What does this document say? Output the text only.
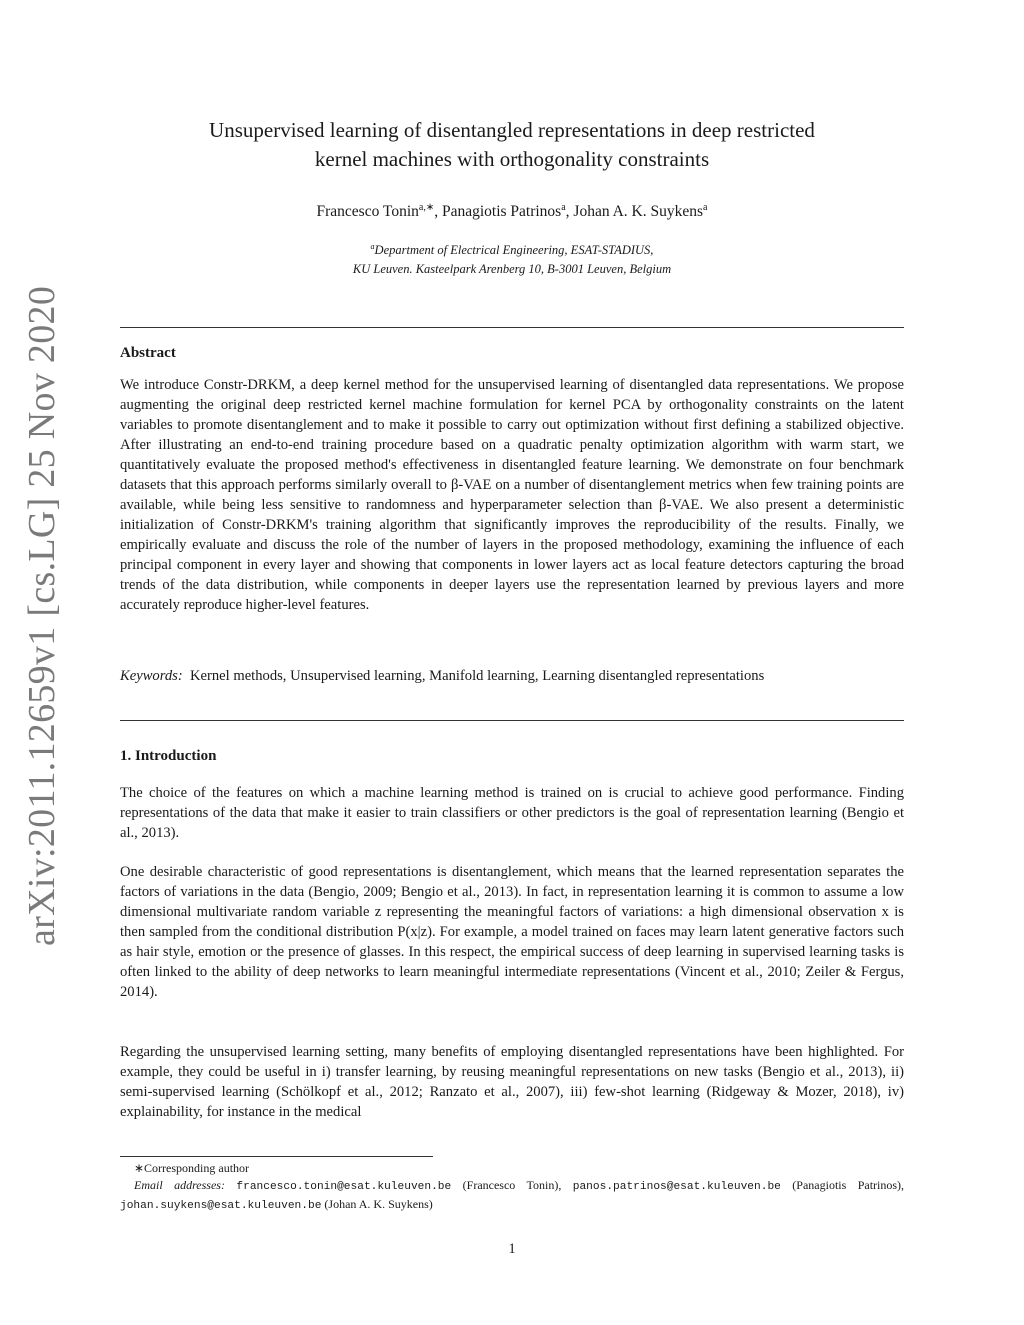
arXiv:2011.12659v1 [cs.LG] 25 Nov 2020
Unsupervised learning of disentangled representations in deep restricted
kernel machines with orthogonality constraints
Francesco Tonin$^{a,∗}$, Panagiotis Patrinos$^a$, Johan A. K. Suykens$^a$
$^a$Department of Electrical Engineering, ESAT-STADIUS,
KU Leuven. Kasteelpark Arenberg 10, B-3001 Leuven, Belgium
Abstract

We introduce Constr-DRKM, a deep kernel method for the unsupervised learning of disentangled data representations. We propose augmenting the original deep restricted kernel machine formulation for kernel PCA by orthogonality constraints on the latent variables to promote disentanglement and to make it possible to carry out optimization without first defining a stabilized objective. After illustrating an end-to-end training procedure based on a quadratic penalty optimization algorithm with warm start, we quantitatively evaluate the proposed method's effectiveness in disentangled feature learning. We demonstrate on four benchmark datasets that this approach performs similarly overall to β-VAE on a number of disentanglement metrics when few training points are available, while being less sensitive to randomness and hyperparameter selection than β-VAE. We also present a deterministic initialization of Constr-DRKM's training algorithm that significantly improves the reproducibility of the results. Finally, we empirically evaluate and discuss the role of the number of layers in the proposed methodology, examining the influence of each principal component in every layer and showing that components in lower layers act as local feature detectors capturing the broad trends of the data distribution, while components in deeper layers use the representation learned by previous layers and more accurately reproduce higher-level features.

Keywords: Kernel methods, Unsupervised learning, Manifold learning, Learning disentangled representations

1. Introduction

The choice of the features on which a machine learning method is trained on is crucial to achieve good performance. Finding representations of the data that make it easier to train classifiers or other predictors is the goal of representation learning (Bengio et al., 2013).

One desirable characteristic of good representations is disentanglement, which means that the learned representation separates the factors of variations in the data (Bengio, 2009; Bengio et al., 2013). In fact, in representation learning it is common to assume a low dimensional multivariate random variable z representing the meaningful factors of variations: a high dimensional observation x is then sampled from the conditional distribution P(x|z). For example, a model trained on faces may learn latent generative factors such as hair style, emotion or the presence of glasses. In this respect, the empirical success of deep learning in supervised learning tasks is often linked to the ability of deep networks to learn meaningful intermediate representations (Vincent et al., 2010; Zeiler & Fergus, 2014).

Regarding the unsupervised learning setting, many benefits of employing disentangled representations have been highlighted. For example, they could be useful in i) transfer learning, by reusing meaningful representations on new tasks (Bengio et al., 2013), ii) semi-supervised learning (Schölkopf et al., 2012; Ranzato et al., 2007), iii) few-shot learning (Ridgeway & Mozer, 2018), iv) explainability, for instance in the medical

∗Corresponding author

Email addresses: francesco.tonin@esat.kuleuven.be (Francesco Tonin), panos.patrinos@esat.kuleuven.be (Panagiotis Patrinos), johan.suykens@esat.kuleuven.be (Johan A. K. Suykens)

1
